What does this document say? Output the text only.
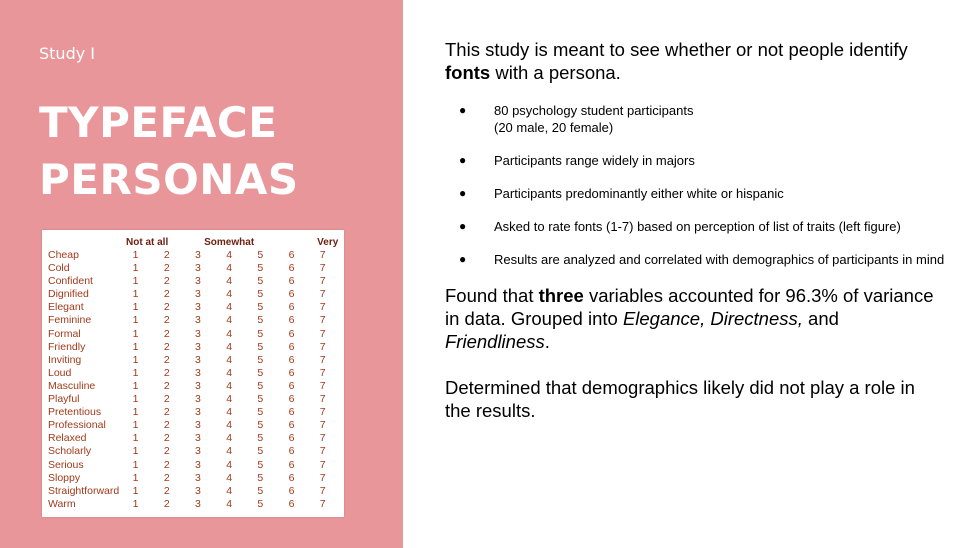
Study I
TYPEFACE
PERSONAS
	Not at all		Somewhat				Very
Cheap	1	2	3	4	5	6	7
Cold	1	2	3	4	5	6	7
Confident	1	2	3	4	5	6	7
Dignified	1	2	3	4	5	6	7
Elegant	1	2	3	4	5	6	7
Feminine	1	2	3	4	5	6	7
Formal	1	2	3	4	5	6	7
Friendly	1	2	3	4	5	6	7
Inviting	1	2	3	4	5	6	7
Loud	1	2	3	4	5	6	7
Masculine	1	2	3	4	5	6	7
Playful	1	2	3	4	5	6	7
Pretentious	1	2	3	4	5	6	7
Professional	1	2	3	4	5	6	7
Relaxed	1	2	3	4	5	6	7
Scholarly	1	2	3	4	5	6	7
Serious	1	2	3	4	5	6	7
Sloppy	1	2	3	4	5	6	7
Straightforward	1	2	3	4	5	6	7
Warm	1	2	3	4	5	6	7

This study is meant to see whether or not people identify fonts with a persona.

● 80 psychology student participants
(20 male, 20 female)
● Participants range widely in majors
● Participants predominantly either white or hispanic
● Asked to rate fonts (1-7) based on perception of list of traits (left figure)
● Results are analyzed and correlated with demographics of participants in mind

Found that three variables accounted for 96.3% of variance in data. Grouped into Elegance, Directness, and Friendliness.

Determined that demographics likely did not play a role in the results.
